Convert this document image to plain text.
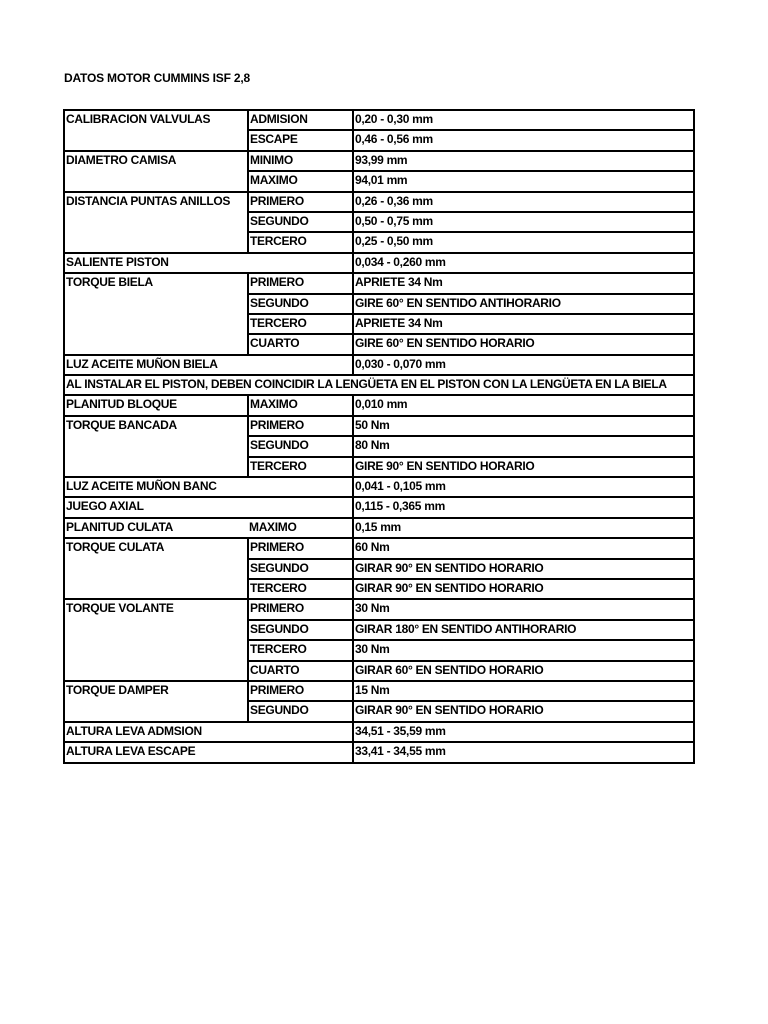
DATOS MOTOR CUMMINS ISF 2,8
CALIBRACION VALVULAS	ADMISION	0,20 - 0,30 mm
	ESCAPE	0,46 - 0,56 mm
DIAMETRO CAMISA	MINIMO	93,99 mm
	MAXIMO	94,01 mm
DISTANCIA PUNTAS ANILLOS	PRIMERO	0,26 - 0,36 mm
	SEGUNDO	0,50 - 0,75 mm
	TERCERO	0,25 - 0,50 mm
SALIENTE PISTON		0,034 - 0,260 mm
TORQUE BIELA	PRIMERO	APRIETE 34 Nm
	SEGUNDO	GIRE 60° EN SENTIDO ANTIHORARIO
	TERCERO	APRIETE 34 Nm
	CUARTO	GIRE 60° EN SENTIDO HORARIO
LUZ ACEITE MUÑON BIELA		0,030 - 0,070 mm
AL INSTALAR EL PISTON, DEBEN COINCIDIR LA LENGÜETA EN EL PISTON CON LA LENGÜETA EN LA BIELA		
PLANITUD BLOQUE	MAXIMO	0,010 mm
TORQUE BANCADA	PRIMERO	50 Nm
	SEGUNDO	80 Nm
	TERCERO	GIRE 90° EN SENTIDO HORARIO
LUZ ACEITE MUÑON BANC		0,041 - 0,105 mm
JUEGO AXIAL		0,115 - 0,365 mm
PLANITUD CULATA	MAXIMO	0,15 mm
TORQUE CULATA	PRIMERO	60 Nm
	SEGUNDO	GIRAR 90° EN SENTIDO HORARIO
	TERCERO	GIRAR 90° EN SENTIDO HORARIO
TORQUE VOLANTE	PRIMERO	30 Nm
	SEGUNDO	GIRAR 180° EN SENTIDO ANTIHORARIO
	TERCERO	30 Nm
	CUARTO	GIRAR 60° EN SENTIDO HORARIO
TORQUE DAMPER	PRIMERO	15 Nm
	SEGUNDO	GIRAR 90° EN SENTIDO HORARIO
ALTURA LEVA ADMSION		34,51 - 35,59 mm
ALTURA LEVA ESCAPE		33,41 - 34,55 mm
